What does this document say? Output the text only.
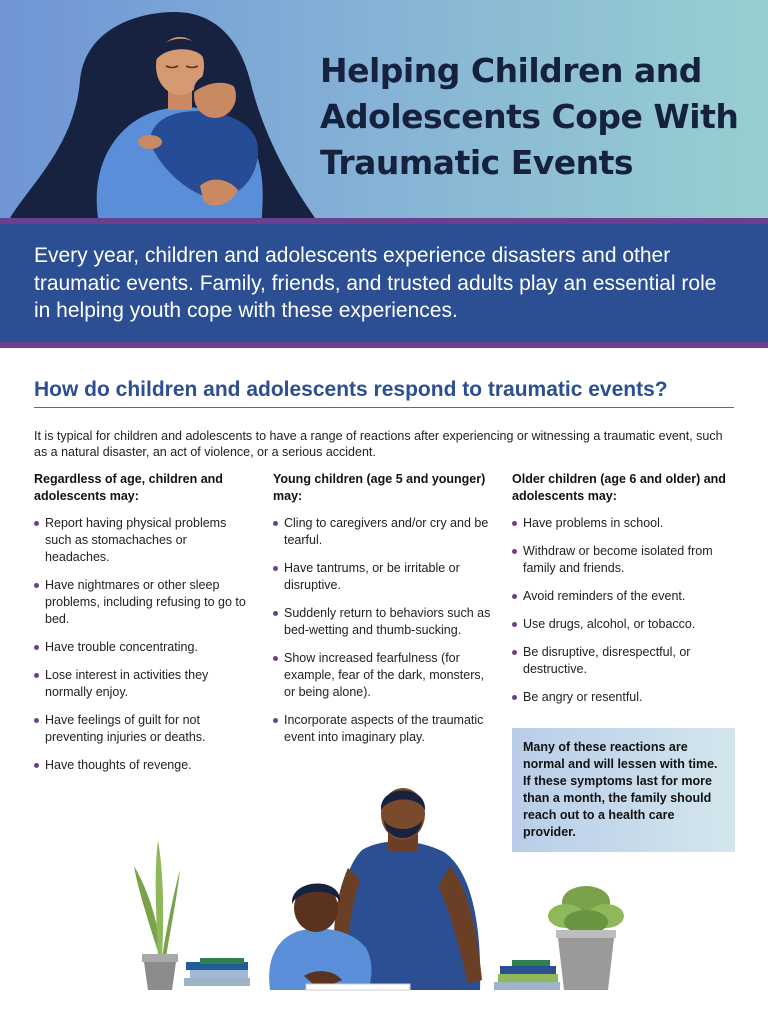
Helping Children and
Adolescents Cope With
Traumatic Events

Every year, children and adolescents experience disasters and other traumatic events. Family, friends, and trusted adults play an essential role in helping youth cope with these experiences.

How do children and adolescents respond to traumatic events?

It is typical for children and adolescents to have a range of reactions after experiencing or witnessing a traumatic event, such as a natural disaster, an act of violence, or a serious accident.

Regardless of age, children and adolescents may:
Report having physical problems such as stomachaches or headaches.
Have nightmares or other sleep problems, including refusing to go to bed.
Have trouble concentrating.
Lose interest in activities they normally enjoy.
Have feelings of guilt for not preventing injuries or deaths.
Have thoughts of revenge.
Young children (age 5 and younger) may:
Cling to caregivers and/or cry and be tearful.
Have tantrums, or be irritable or disruptive.
Suddenly return to behaviors such as bed-wetting and thumb-sucking.
Show increased fearfulness (for example, fear of the dark, monsters, or being alone).
Incorporate aspects of the traumatic event into imaginary play.
Older children (age 6 and older) and adolescents may:
Have problems in school.
Withdraw or become isolated from family and friends.
Avoid reminders of the event.
Use drugs, alcohol, or tobacco.
Be disruptive, disrespectful, or destructive.
Be angry or resentful.

Many of these reactions are normal and will lessen with time. If these symptoms last for more than a month, the family should reach out to a health care provider.
